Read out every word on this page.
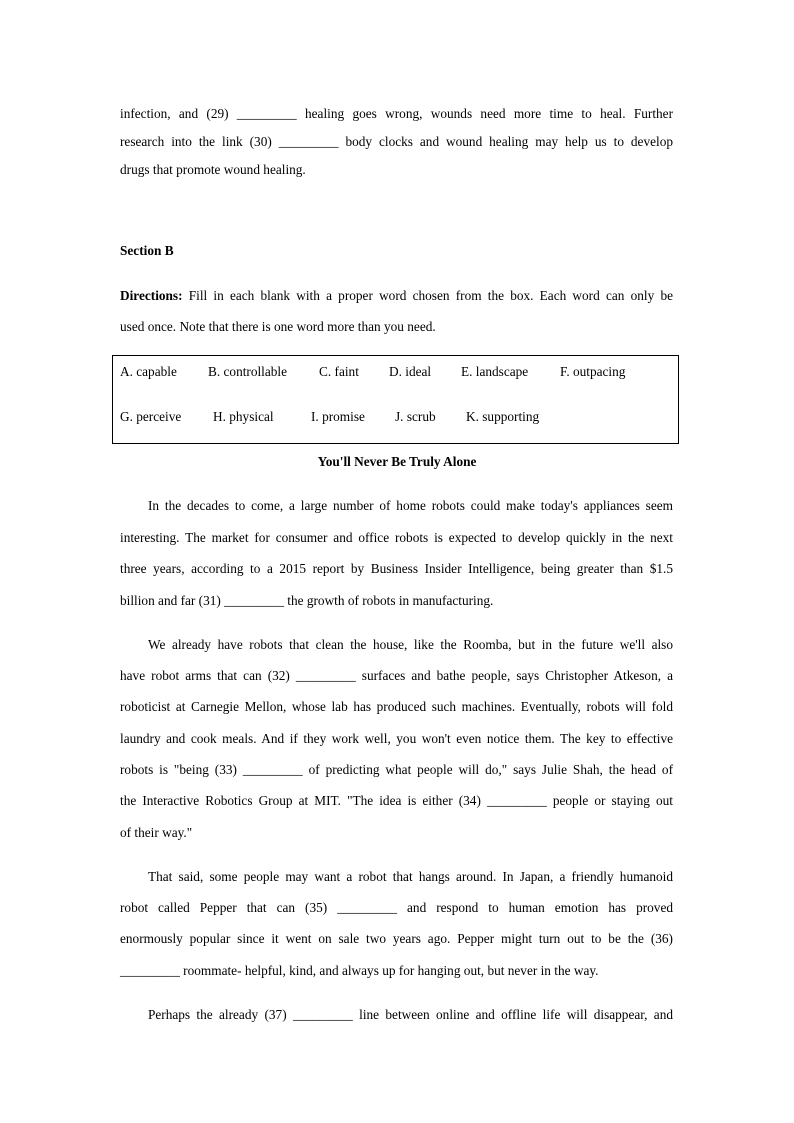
infection, and (29) _________ healing goes wrong, wounds need more time to heal. Further
research into the link (30) _________ body clocks and wound healing may help us to develop
drugs that promote wound healing.
Section B
Directions: Fill in each blank with a proper word chosen from the box. Each word can only be
used once. Note that there is one word more than you need.
A. capable B. controllable C. faint D. ideal E. landscape F. outpacing
G. perceive H. physical	I. promise J. scrub K. supporting
You'll Never Be Truly Alone
In the decades to come, a large number of home robots could make today's appliances seem
interesting. The market for consumer and office robots is expected to develop quickly in the next
three years, according to a 2015 report by Business Insider Intelligence, being greater than $1.5
billion and far (31) _________ the growth of robots in manufacturing.
We already have robots that clean the house, like the Roomba, but in the future we'll also
have robot arms that can (32) _________ surfaces and bathe people, says Christopher Atkeson, a
roboticist at Carnegie Mellon, whose lab has produced such machines. Eventually, robots will fold
laundry and cook meals. And if they work well, you won't even notice them. The key to effective
robots is "being (33) _________ of predicting what people will do," says Julie Shah, the head of
the Interactive Robotics Group at MIT. "The idea is either (34) _________ people or staying out
of their way."
That said, some people may want a robot that hangs around. In Japan, a friendly humanoid
robot called Pepper that can (35) _________ and respond to human emotion has proved
enormously popular since it went on sale two years ago. Pepper might turn out to be the (36)
_________ roommate- helpful, kind, and always up for hanging out, but never in the way.
Perhaps the already (37) _________ line between online and offline life will disappear, and
